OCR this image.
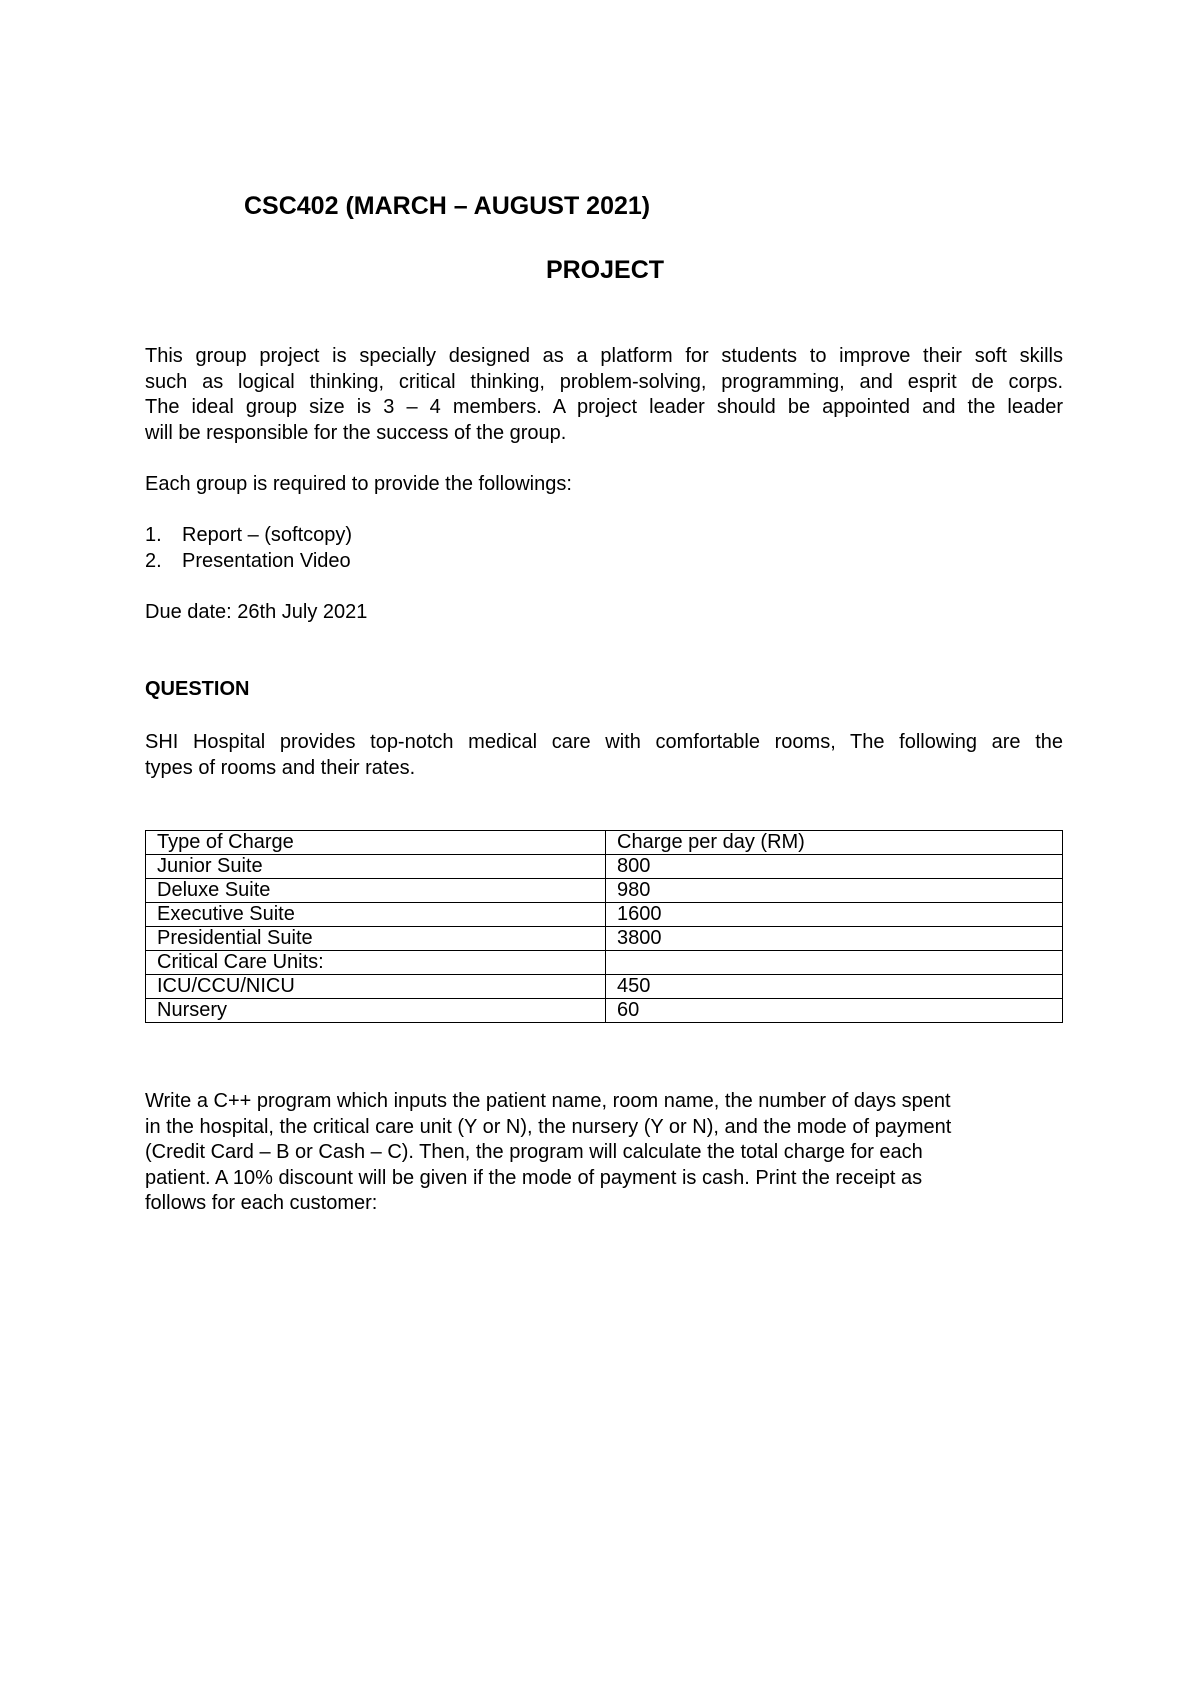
CSC402 (MARCH – AUGUST 2021)
PROJECT
This group project is specially designed as a platform for students to improve their soft skills
such as logical thinking, critical thinking, problem-solving, programming, and esprit de corps.
The ideal group size is 3 – 4 members. A project leader should be appointed and the leader
will be responsible for the success of the group.
Each group is required to provide the followings:
1.	Report – (softcopy)
2.	Presentation Video
Due date: 26th July 2021
QUESTION
SHI Hospital provides top-notch medical care with comfortable rooms, The following are the
types of rooms and their rates.
Type of Charge	Charge per day (RM)
Junior Suite	800
Deluxe Suite	980
Executive Suite	1600
Presidential Suite	3800
Critical Care Units:	
ICU/CCU/NICU	450
Nursery	60
Write a C++ program which inputs the patient name, room name, the number of days spent
in the hospital, the critical care unit (Y or N), the nursery (Y or N), and the mode of payment
(Credit Card – B or Cash – C). Then, the program will calculate the total charge for each
patient. A 10% discount will be given if the mode of payment is cash. Print the receipt as
follows for each customer:
